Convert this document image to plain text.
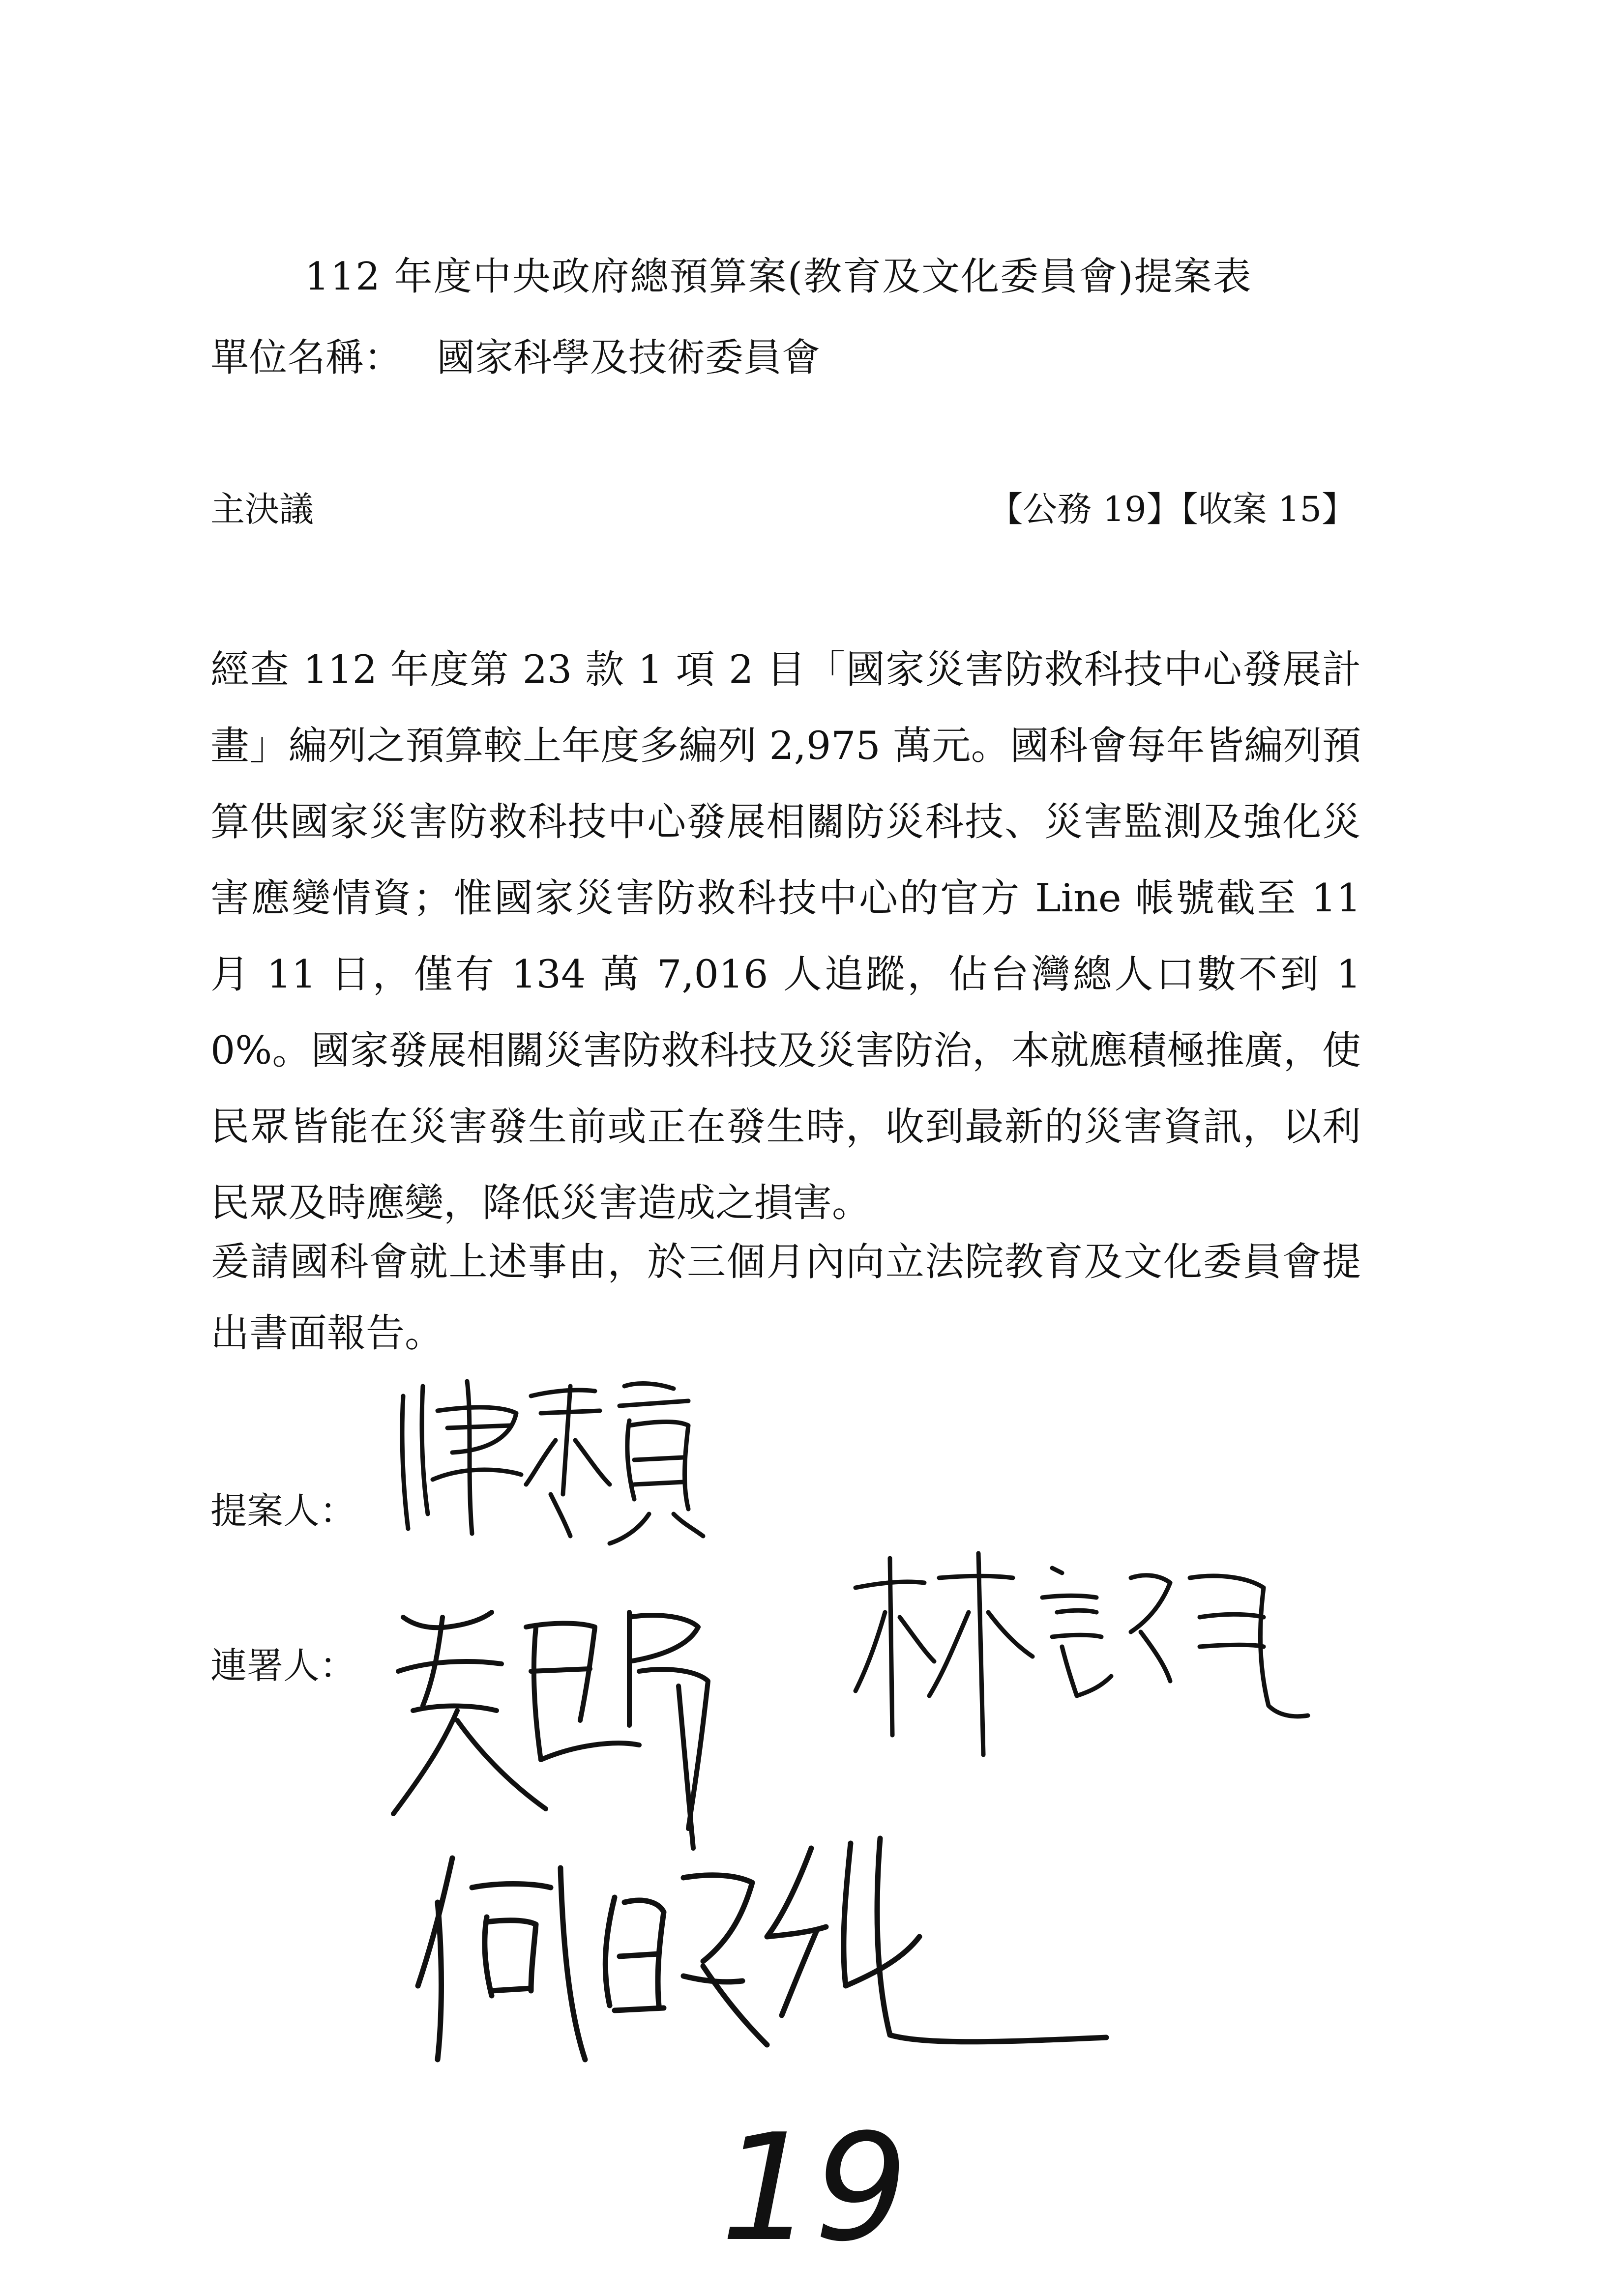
112 年度中央政府總預算案(教育及文化委員會)提案表
單位名稱： 國家科學及技術委員會
主決議	【公務 19】【收案 15】
經查 112 年度第 23 款 1 項 2 目「國家災害防救科技中心發展計畫」編列之預算較上年度多編列 2,975 萬元。國科會每年皆編列預算供國家災害防救科技中心發展相關防災科技、災害監測及強化災害應變情資；惟國家災害防救科技中心的官方 Line 帳號截至 11 月 11 日，僅有 134 萬 7,016 人追蹤，佔台灣總人口數不到 10%。國家發展相關災害防救科技及災害防治，本就應積極推廣，使民眾皆能在災害發生前或正在發生時，收到最新的災害資訊，以利民眾及時應變，降低災害造成之損害。
爰請國科會就上述事由，於三個月內向立法院教育及文化委員會提出書面報告。
提案人：
連署人：
19
